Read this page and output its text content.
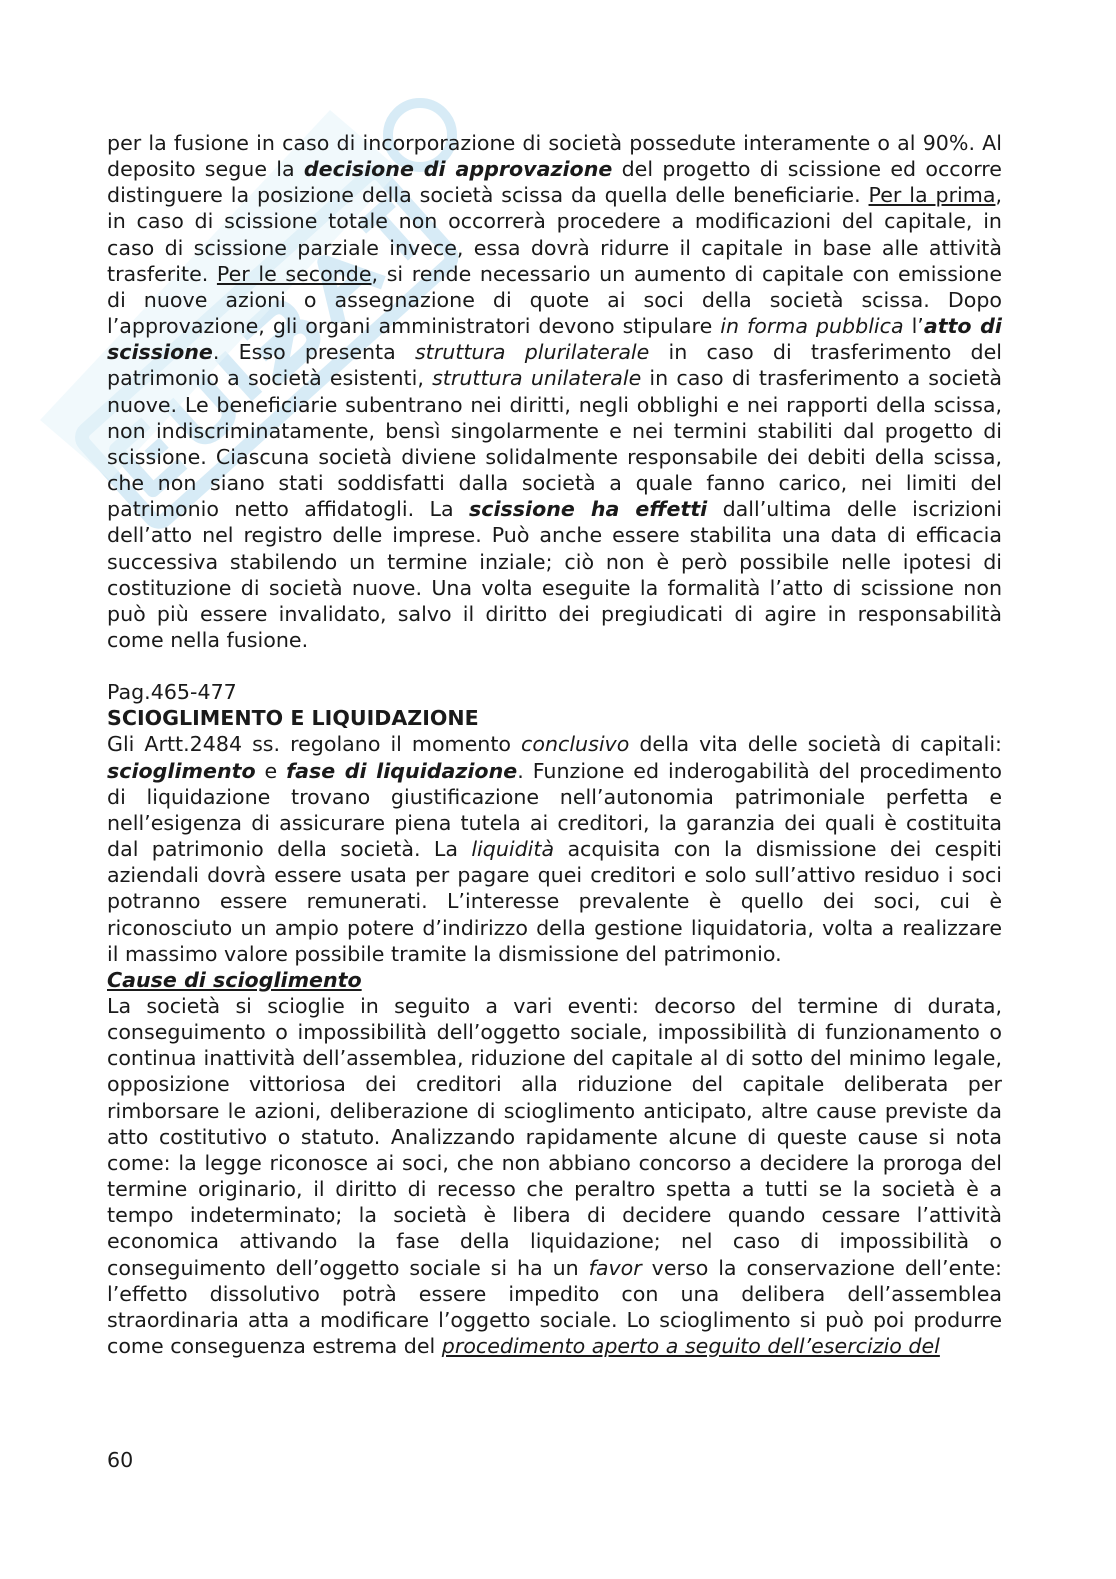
per la fusione in caso di incorporazione di società possedute interamente o al 90%. Al deposito segue la decisione di approvazione del progetto di scissione ed occorre distinguere la posizione della società scissa da quella delle beneficiarie. Per la prima, in caso di scissione totale non occorrerà procedere a modificazioni del capitale, in caso di scissione parziale invece, essa dovrà ridurre il capitale in base alle attività trasferite. Per le seconde, si rende necessario un aumento di capitale con emissione di nuove azioni o assegnazione di quote ai soci della società scissa. Dopo l’approvazione, gli organi amministratori devono stipulare in forma pubblica l’atto di scissione. Esso presenta struttura plurilaterale in caso di trasferimento del patrimonio a società esistenti, struttura unilaterale in caso di trasferimento a società nuove. Le beneficiarie subentrano nei diritti, negli obblighi e nei rapporti della scissa, non indiscriminatamente, bensì singolarmente e nei termini stabiliti dal progetto di scissione. Ciascuna società diviene solidalmente responsabile dei debiti della scissa, che non siano stati soddisfatti dalla società a quale fanno carico, nei limiti del patrimonio netto affidatogli. La scissione ha effetti dall’ultima delle iscrizioni dell’atto nel registro delle imprese. Può anche essere stabilita una data di efficacia successiva stabilendo un termine inziale; ciò non è però possibile nelle ipotesi di costituzione di società nuove. Una volta eseguite la formalità l’atto di scissione non può più essere invalidato, salvo il diritto dei pregiudicati di agire in responsabilità come nella fusione.

Pag.465-477

SCIOGLIMENTO E LIQUIDAZIONE

Gli Artt.2484 ss. regolano il momento conclusivo della vita delle società di capitali: scioglimento e fase di liquidazione. Funzione ed inderogabilità del procedimento di liquidazione trovano giustificazione nell’autonomia patrimoniale perfetta e nell’esigenza di assicurare piena tutela ai creditori, la garanzia dei quali è costituita dal patrimonio della società. La liquidità acquisita con la dismissione dei cespiti aziendali dovrà essere usata per pagare quei creditori e solo sull’attivo residuo i soci potranno essere remunerati. L’interesse prevalente è quello dei soci, cui è riconosciuto un ampio potere d’indirizzo della gestione liquidatoria, volta a realizzare il massimo valore possibile tramite la dismissione del patrimonio.

Cause di scioglimento

La società si scioglie in seguito a vari eventi: decorso del termine di durata, conseguimento o impossibilità dell’oggetto sociale, impossibilità di funzionamento o continua inattività dell’assemblea, riduzione del capitale al di sotto del minimo legale, opposizione vittoriosa dei creditori alla riduzione del capitale deliberata per rimborsare le azioni, deliberazione di scioglimento anticipato, altre cause previste da atto costitutivo o statuto. Analizzando rapidamente alcune di queste cause si nota come: la legge riconosce ai soci, che non abbiano concorso a decidere la proroga del termine originario, il diritto di recesso che peraltro spetta a tutti se la società è a tempo indeterminato; la società è libera di decidere quando cessare l’attività economica attivando la fase della liquidazione; nel caso di impossibilità o conseguimento dell’oggetto sociale si ha un favor verso la conservazione dell’ente: l’effetto dissolutivo potrà essere impedito con una delibera dell’assemblea straordinaria atta a modificare l’oggetto sociale. Lo scioglimento si può poi produrre come conseguenza estrema del procedimento aperto a seguito dell’esercizio del

60
